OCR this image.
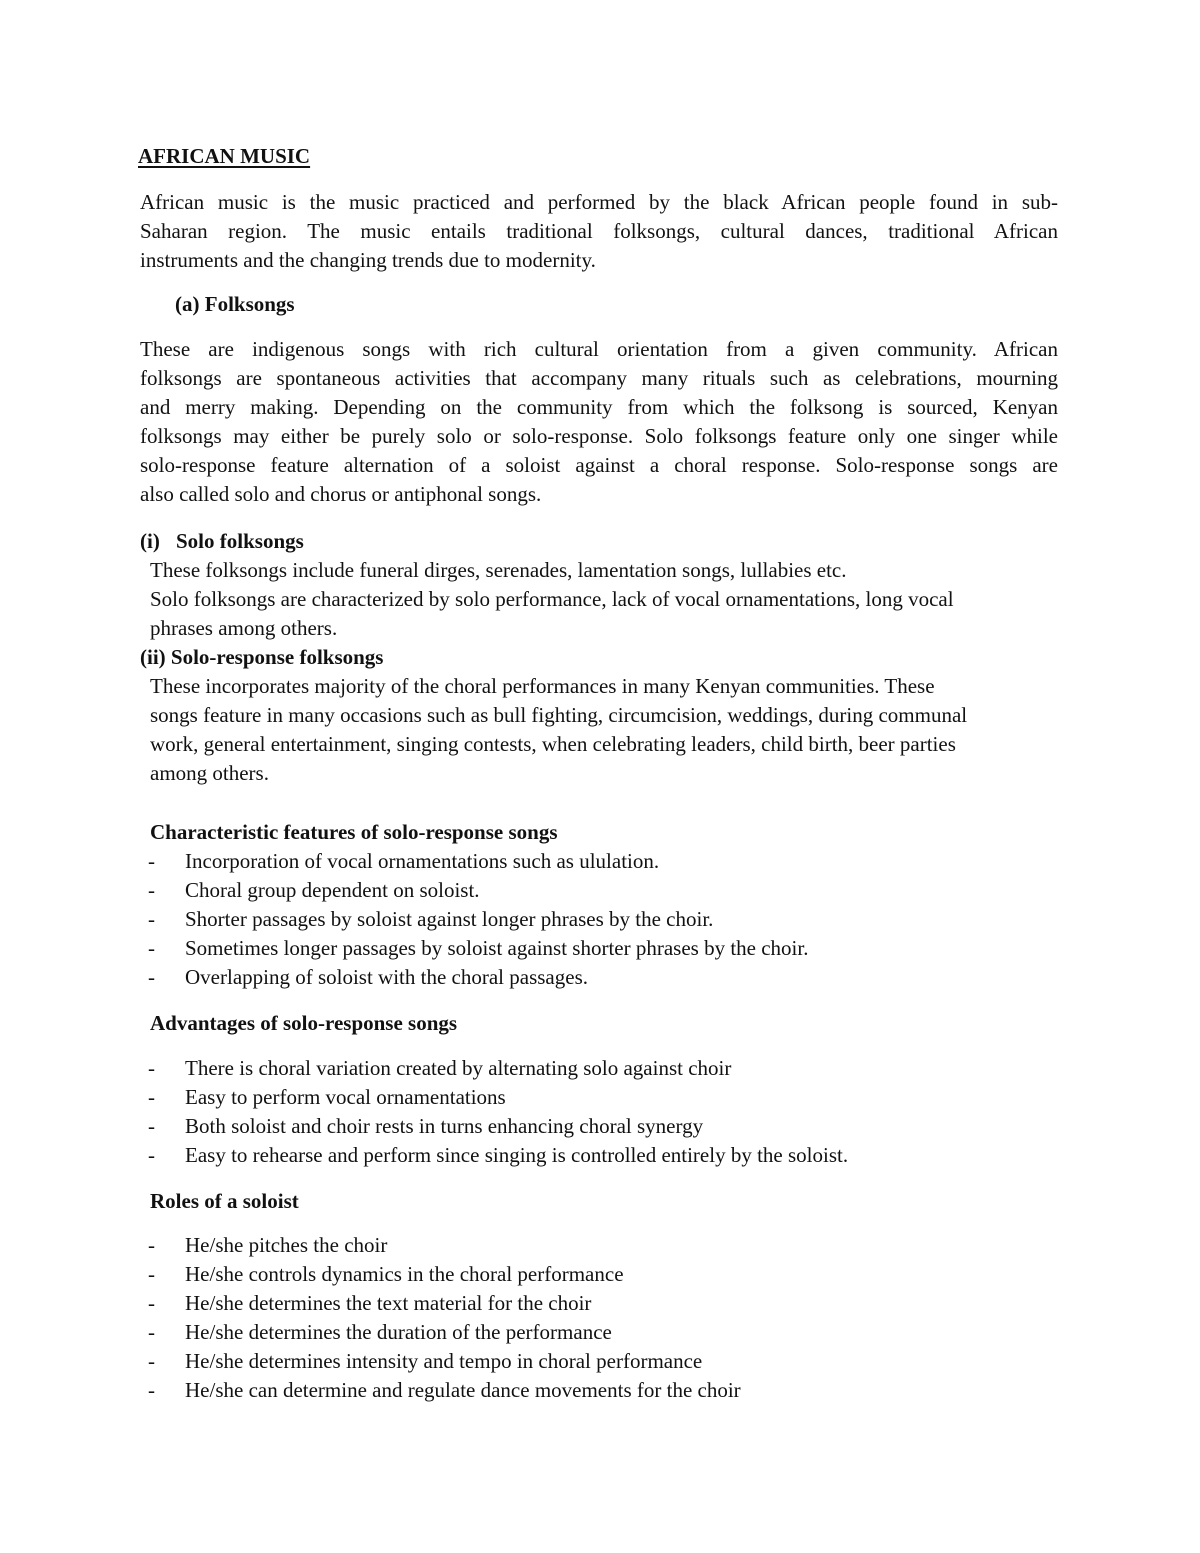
AFRICAN MUSIC
African music is the music practiced and performed by the black African people found in sub-
Saharan region. The music entails traditional folksongs, cultural dances, traditional African
instruments and the changing trends due to modernity.
(a) Folksongs
These are indigenous songs with rich cultural orientation from a given community. African
folksongs are spontaneous activities that accompany many rituals such as celebrations, mourning
and merry making. Depending on the community from which the folksong is sourced, Kenyan
folksongs may either be purely solo or solo-response. Solo folksongs feature only one singer while
solo-response feature alternation of a soloist against a choral response. Solo-response songs are
also called solo and chorus or antiphonal songs.
(i) Solo folksongs
These folksongs include funeral dirges, serenades, lamentation songs, lullabies etc.
Solo folksongs are characterized by solo performance, lack of vocal ornamentations, long vocal
phrases among others.
(ii) Solo-response folksongs
These incorporates majority of the choral performances in many Kenyan communities. These
songs feature in many occasions such as bull fighting, circumcision, weddings, during communal
work, general entertainment, singing contests, when celebrating leaders, child birth, beer parties
among others.
Characteristic features of solo-response songs
- Incorporation of vocal ornamentations such as ululation.
- Choral group dependent on soloist.
- Shorter passages by soloist against longer phrases by the choir.
- Sometimes longer passages by soloist against shorter phrases by the choir.
- Overlapping of soloist with the choral passages.
Advantages of solo-response songs
- There is choral variation created by alternating solo against choir
- Easy to perform vocal ornamentations
- Both soloist and choir rests in turns enhancing choral synergy
- Easy to rehearse and perform since singing is controlled entirely by the soloist.
Roles of a soloist
- He/she pitches the choir
- He/she controls dynamics in the choral performance
- He/she determines the text material for the choir
- He/she determines the duration of the performance
- He/she determines intensity and tempo in choral performance
- He/she can determine and regulate dance movements for the choir
